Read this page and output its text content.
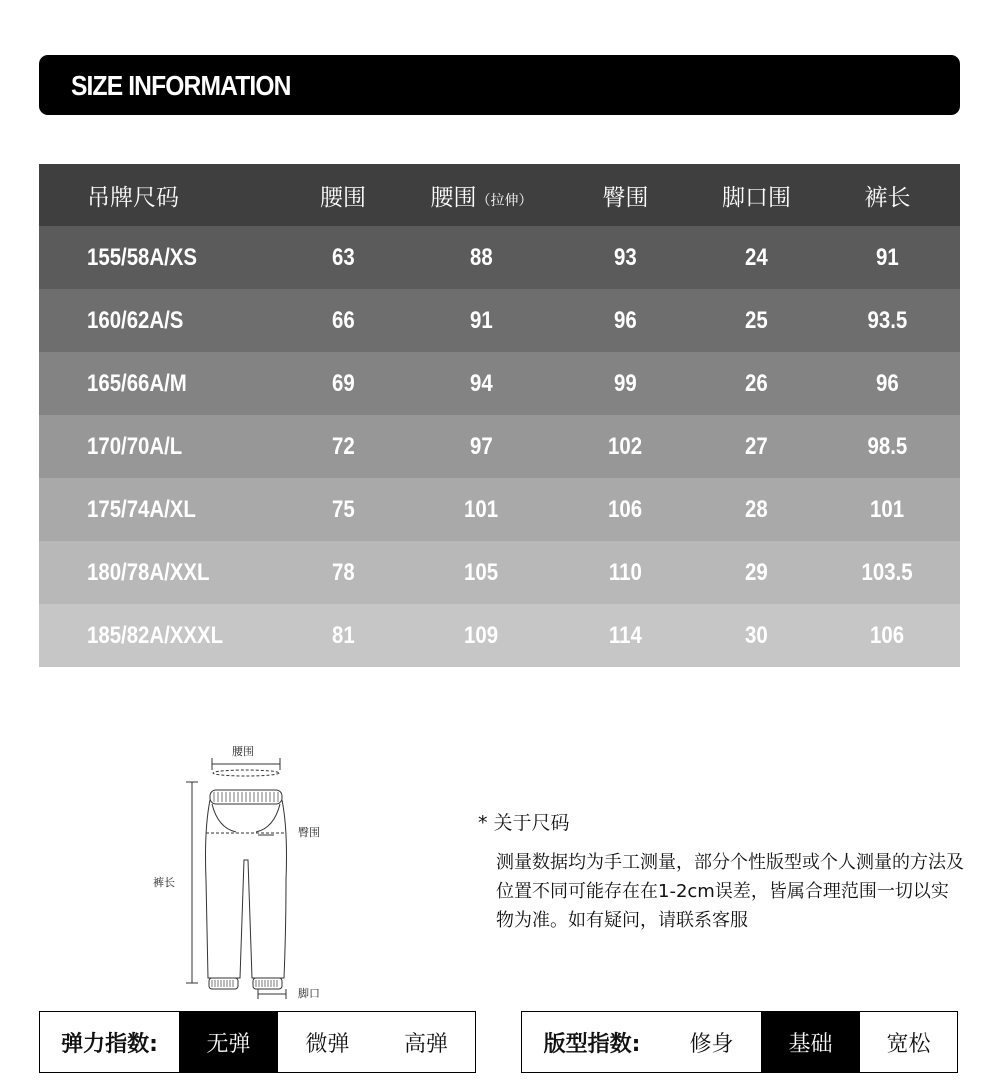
SIZE INFORMATION
吊牌尺码	腰围	腰围（拉伸）	臀围	脚口围	裤长
155/58A/XS	63	88	93	24	91
160/62A/S	66	91	96	25	93.5
165/66A/M	69	94	99	26	96
170/70A/L	72	97	102	27	98.5
175/74A/XL	75	101	106	28	101
180/78A/XXL	78	105	110	29	103.5
185/82A/XXXL	81	109	114	30	106
腰围
臀围
裤长
脚口
* 关于尺码
测量数据均为手工测量，部分个性版型或个人测量的方法及位置不同可能存在在1-2cm误差，皆属合理范围一切以实物为准。如有疑问，请联系客服
弹力指数:	无弹	微弹	高弹	版型指数:	修身	基础	宽松
